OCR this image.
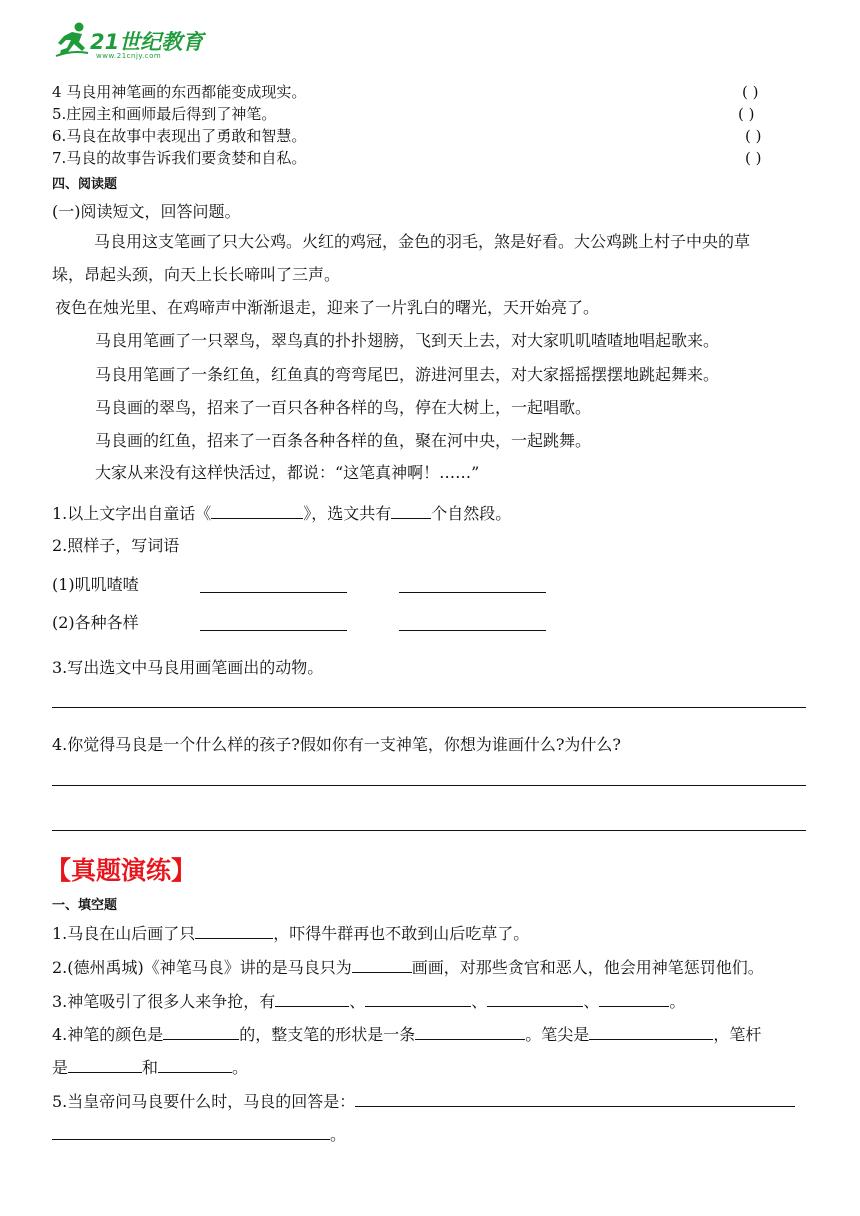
21世纪教育
www.21cnjy.com
4 马良用神笔画的东西都能变成现实。	( )
5.庄园主和画师最后得到了神笔。	( )
6.马良在故事中表现出了勇敢和智慧。	( )
7.马良的故事告诉我们要贪婪和自私。	( )
四、阅读题
(一)阅读短文，回答问题。
马良用这支笔画了只大公鸡。火红的鸡冠，金色的羽毛，煞是好看。大公鸡跳上村子中央的草
垛，昂起头颈，向天上长长啼叫了三声。
夜色在烛光里、在鸡啼声中渐渐退走，迎来了一片乳白的曙光，天开始亮了。
马良用笔画了一只翠鸟，翠鸟真的扑扑翅膀，飞到天上去，对大家叽叽喳喳地唱起歌来。
马良用笔画了一条红鱼，红鱼真的弯弯尾巴，游进河里去，对大家摇摇摆摆地跳起舞来。
马良画的翠鸟，招来了一百只各种各样的鸟，停在大树上，一起唱歌。
马良画的红鱼，招来了一百条各种各样的鱼，聚在河中央，一起跳舞。
大家从来没有这样快活过，都说：“这笔真神啊！……”
1.以上文字出自童话《	》，选文共有	个自然段。
2.照样子，写词语
(1)叽叽喳喳
(2)各种各样
3.写出选文中马良用画笔画出的动物。
4.你觉得马良是一个什么样的孩子?假如你有一支神笔，你想为谁画什么?为什么?
【真题演练】
一、填空题
1.马良在山后画了只	，吓得牛群再也不敢到山后吃草了。
2.(德州禹城)《神笔马良》讲的是马良只为	画画，对那些贪官和恶人，他会用神笔惩罚他们。
3.神笔吸引了很多人来争抢，有	、	、	、	。
4.神笔的颜色是	的，整支笔的形状是一条	。笔尖是	，笔杆
是	和	。
5.当皇帝问马良要什么时，马良的回答是：
。
